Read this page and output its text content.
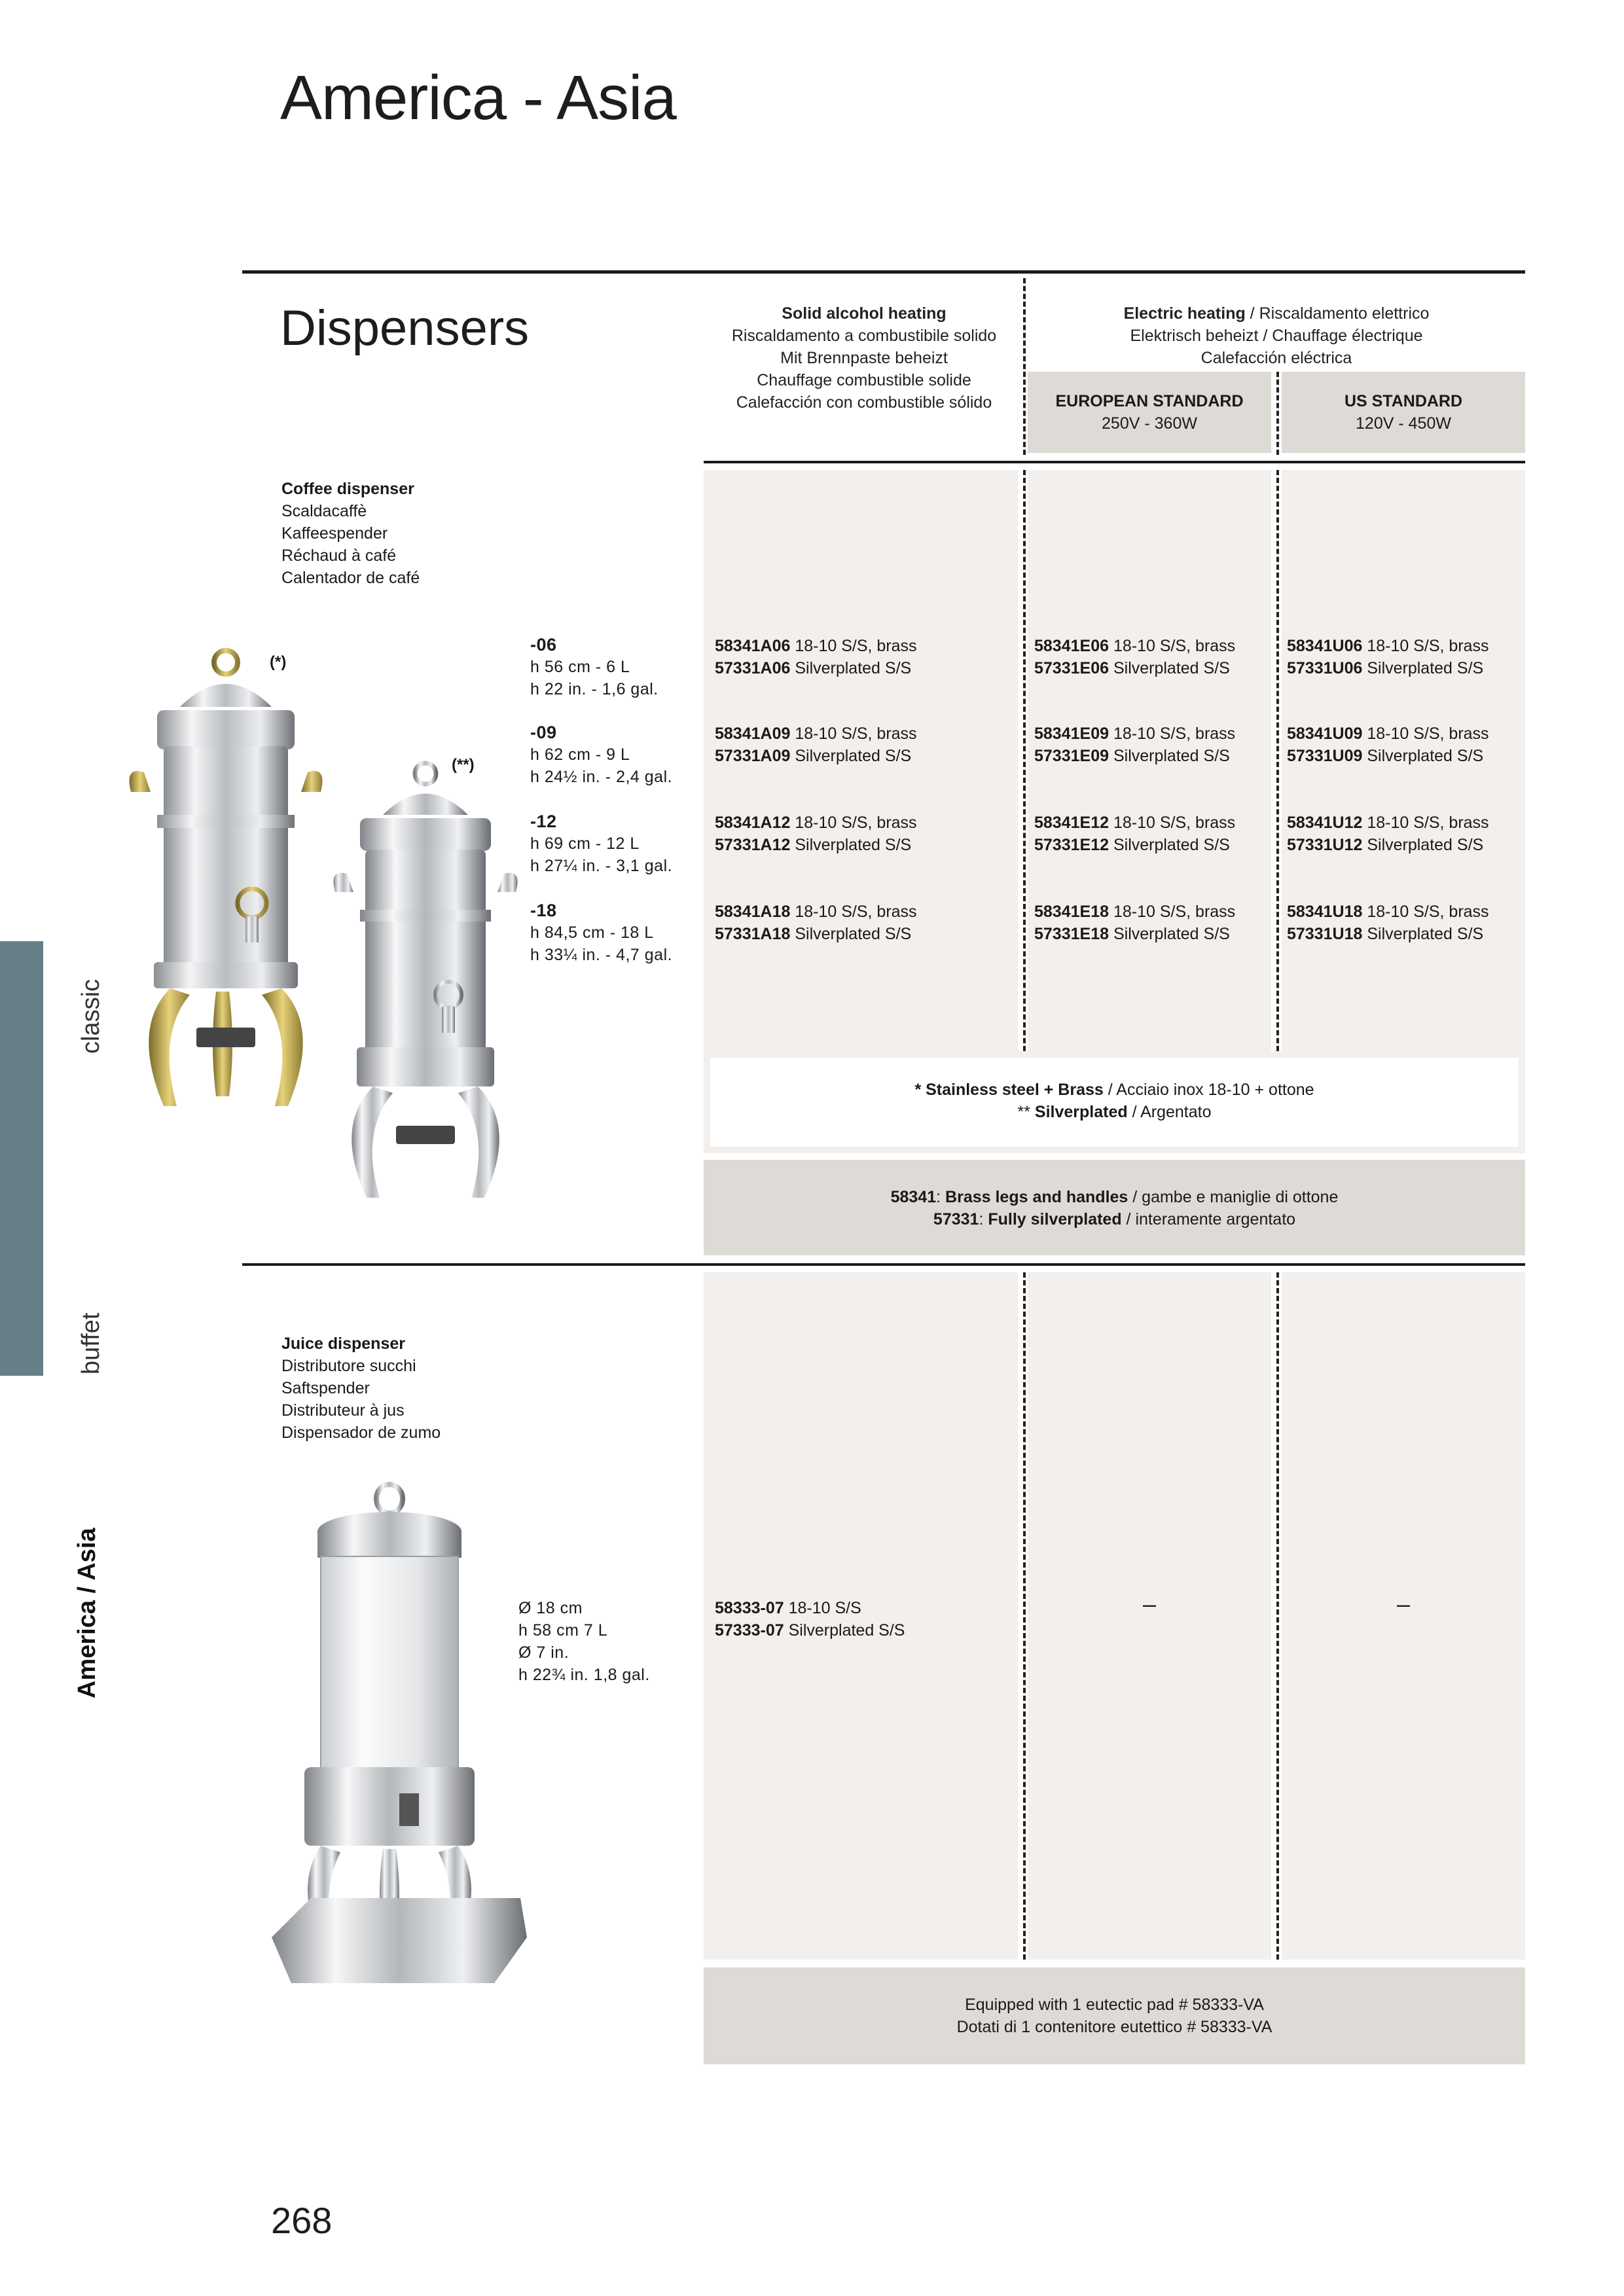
America - Asia
Dispensers	Solid alcohol heating
Riscaldamento a combustibile solido
Mit Brennpaste beheizt
Chauffage combustible solide
Calefacción con combustible sólido
Electric heating / Riscaldamento elettrico
Elektrisch beheizt / Chauffage électrique
Calefacción eléctrica
EUROPEAN STANDARD
250V - 360W
US STANDARD
120V - 450W
Coffee dispenser
Scaldacaffè
Kaffeespender
Réchaud à café
Calentador de café
-06
h 56 cm - 6 L
h 22 in. - 1,6 gal.
-09
h 62 cm - 9 L
h 24½ in. - 2,4 gal.
-12
h 69 cm - 12 L
h 27¼ in. - 3,1 gal.
-18
h 84,5 cm - 18 L
h 33¼ in. - 4,7 gal.
58341A06 18-10 S/S, brass
57331A06 Silverplated S/S
58341A09 18-10 S/S, brass
57331A09 Silverplated S/S
58341A12 18-10 S/S, brass
57331A12 Silverplated S/S
58341A18 18-10 S/S, brass
57331A18 Silverplated S/S
58341E06 18-10 S/S, brass
57331E06 Silverplated S/S
58341E09 18-10 S/S, brass
57331E09 Silverplated S/S
58341E12 18-10 S/S, brass
57331E12 Silverplated S/S
58341E18 18-10 S/S, brass
57331E18 Silverplated S/S
58341U06 18-10 S/S, brass
57331U06 Silverplated S/S
58341U09 18-10 S/S, brass
57331U09 Silverplated S/S
58341U12 18-10 S/S, brass
57331U12 Silverplated S/S
58341U18 18-10 S/S, brass
57331U18 Silverplated S/S
* Stainless steel + Brass / Acciaio inox 18-10 + ottone
** Silverplated / Argentato
58341: Brass legs and handles / gambe e maniglie di ottone
57331: Fully silverplated / interamente argentato
(*)
(**)
Juice dispenser
Distributore succhi
Saftspender
Distributeur à jus
Dispensador de zumo
Ø 18 cm
h 58 cm 7 L
Ø 7 in.
h 22¾ in. 1,8 gal.
58333-07 18-10 S/S
57333-07 Silverplated S/S
–	–
Equipped with 1 eutectic pad # 58333-VA
Dotati di 1 contenitore eutettico # 58333-VA
classic
buffet
America / Asia
268
